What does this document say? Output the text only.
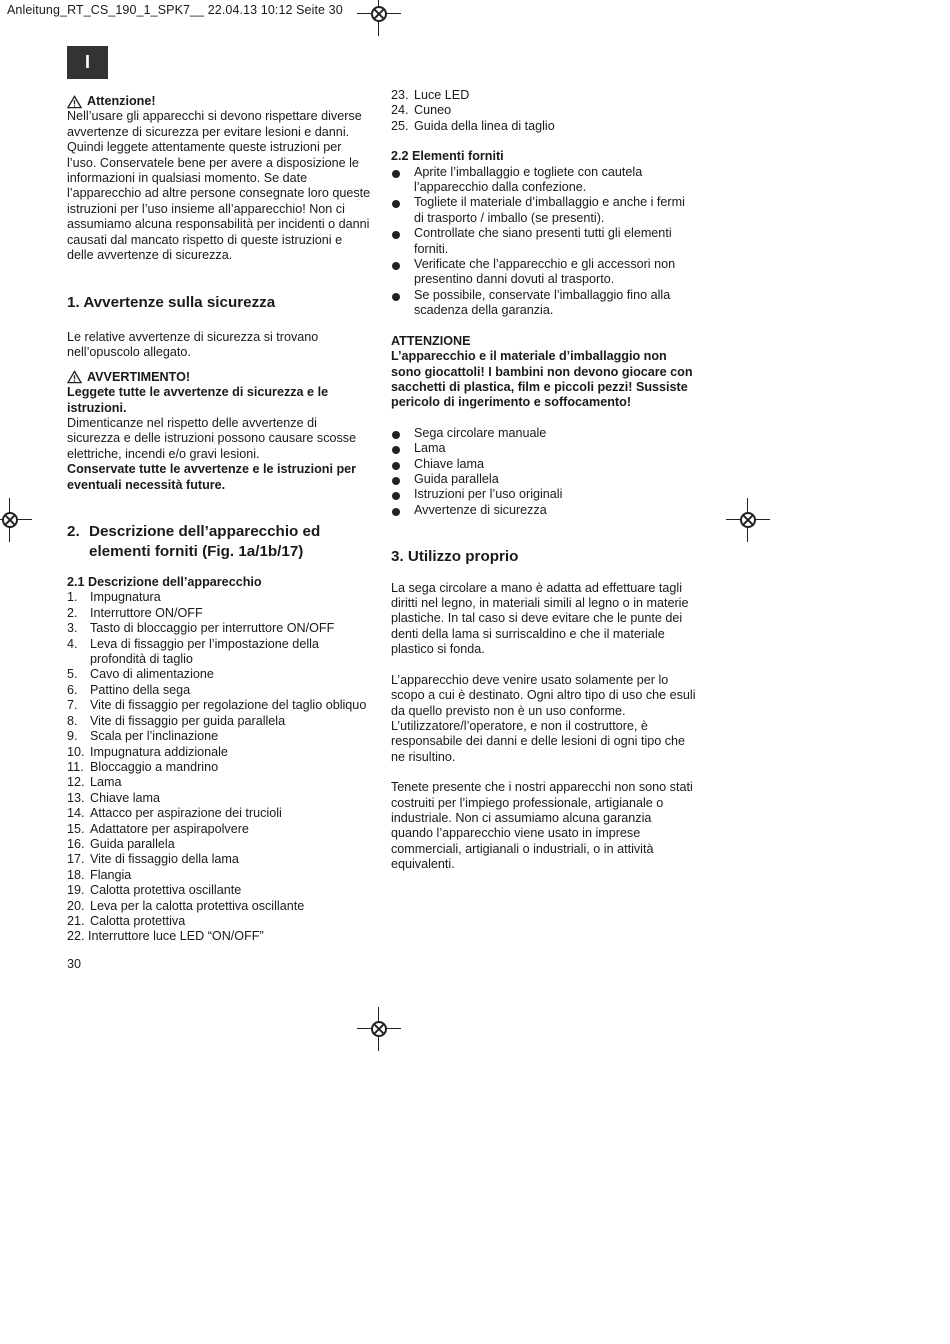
Anleitung_RT_CS_190_1_SPK7__ 22.04.13 10:12 Seite 30
I

Attenzione!

Nell’usare gli apparecchi si devono rispettare diverse avvertenze di sicurezza per evitare lesioni e danni. Quindi leggete attentamente queste istruzioni per l’uso. Conservatele bene per avere a disposizione le informazioni in qualsiasi momento. Se date l’apparecchio ad altre persone consegnate loro queste istruzioni per l’uso insieme all’apparecchio! Non ci assumiamo alcuna responsabilità per incidenti o danni causati dal mancato rispetto di queste istruzioni e delle avvertenze di sicurezza.

1. Avvertenze sulla sicurezza

Le relative avvertenze di sicurezza si trovano nell’opuscolo allegato.

AVVERTIMENTO!

Leggete tutte le avvertenze di sicurezza e le istruzioni.

Dimenticanze nel rispetto delle avvertenze di sicurezza e delle istruzioni possono causare scosse elettriche, incendi e/o gravi lesioni.

Conservate tutte le avvertenze e le istruzioni per eventuali necessità future.

2. Descrizione dell’apparecchio ed elementi forniti (Fig. 1a/1b/17)

2.1 Descrizione dell’apparecchio

1. Impugnatura
2. Interruttore ON/OFF
3. Tasto di bloccaggio per interruttore ON/OFF
4. Leva di fissaggio per l’impostazione della profondità di taglio
5. Cavo di alimentazione
6. Pattino della sega
7. Vite di fissaggio per regolazione del taglio obliquo
8. Vite di fissaggio per guida parallela
9. Scala per l’inclinazione
10. Impugnatura addizionale
11. Bloccaggio a mandrino
12. Lama
13. Chiave lama
14. Attacco per aspirazione dei trucioli
15. Adattatore per aspirapolvere
16. Guida parallela
17. Vite di fissaggio della lama
18. Flangia
19. Calotta protettiva oscillante
20. Leva per la calotta protettiva oscillante
21. Calotta protettiva

22. Interruttore luce LED “ON/OFF”

23. Luce LED
24. Cuneo
25. Guida della linea di taglio

2.2 Elementi forniti

Aprite l’imballaggio e togliete con cautela l’apparecchio dalla confezione.
Togliete il materiale d’imballaggio e anche i fermi di trasporto / imballo (se presenti).
Controllate che siano presenti tutti gli elementi forniti.
Verificate che l’apparecchio e gli accessori non presentino danni dovuti al trasporto.
Se possibile, conservate l’imballaggio fino alla scadenza della garanzia.

ATTENZIONE

L’apparecchio e il materiale d’imballaggio non sono giocattoli! I bambini non devono giocare con sacchetti di plastica, film e piccoli pezzi! Sussiste pericolo di ingerimento e soffocamento!

Sega circolare manuale
Lama
Chiave lama
Guida parallela
Istruzioni per l’uso originali
Avvertenze di sicurezza

3. Utilizzo proprio

La sega circolare a mano è adatta ad effettuare tagli diritti nel legno, in materiali simili al legno o in materie plastiche. In tal caso si deve evitare che le punte dei denti della lama si surriscaldino e che il materiale plastico si fonda.

L’apparecchio deve venire usato solamente per lo scopo a cui è destinato. Ogni altro tipo di uso che esuli da quello previsto non è un uso conforme. L’utilizzatore/l’operatore, e non il costruttore, è responsabile dei danni e delle lesioni di ogni tipo che ne risultino.

Tenete presente che i nostri apparecchi non sono stati costruiti per l’impiego professionale, artigianale o industriale. Non ci assumiamo alcuna garanzia quando l’apparecchio viene usato in imprese commerciali, artigianali o industriali, o in attività equivalenti.

30
